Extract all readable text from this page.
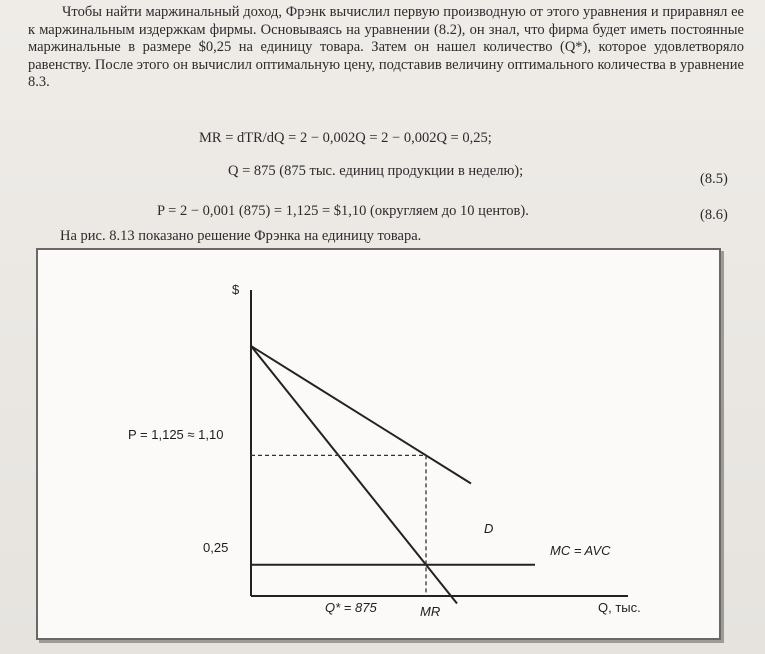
Чтобы найти маржинальный доход, Фрэнк вычислил первую производную от этого уравнения и приравнял ее к маржинальным издержкам фирмы. Основываясь на уравнении (8.2), он знал, что фирма будет иметь постоянные маржинальные в размере $0,25 на единицу товара. Затем он нашел количество (Q*), которое удовлетворяло равенству. После этого он вычислил оптимальную цену, подставив величину оптимального количества в уравнение 8.3.

MR = dTR/dQ = 2 − 0,002Q = 2 − 0,002Q = 0,25;
Q = 875 (875 тыс. единиц продукции в неделю);	(8.5)
P = 2 − 0,001 (875) = 1,125 = $1,10 (округляем до 10 центов).	(8.6)
На рис. 8.13 показано решение Фрэнка на единицу товара.
$
P = 1,125 ≈ 1,10
0,25
D
MC = AVC
Q* = 875	MR	Q, тыс.
